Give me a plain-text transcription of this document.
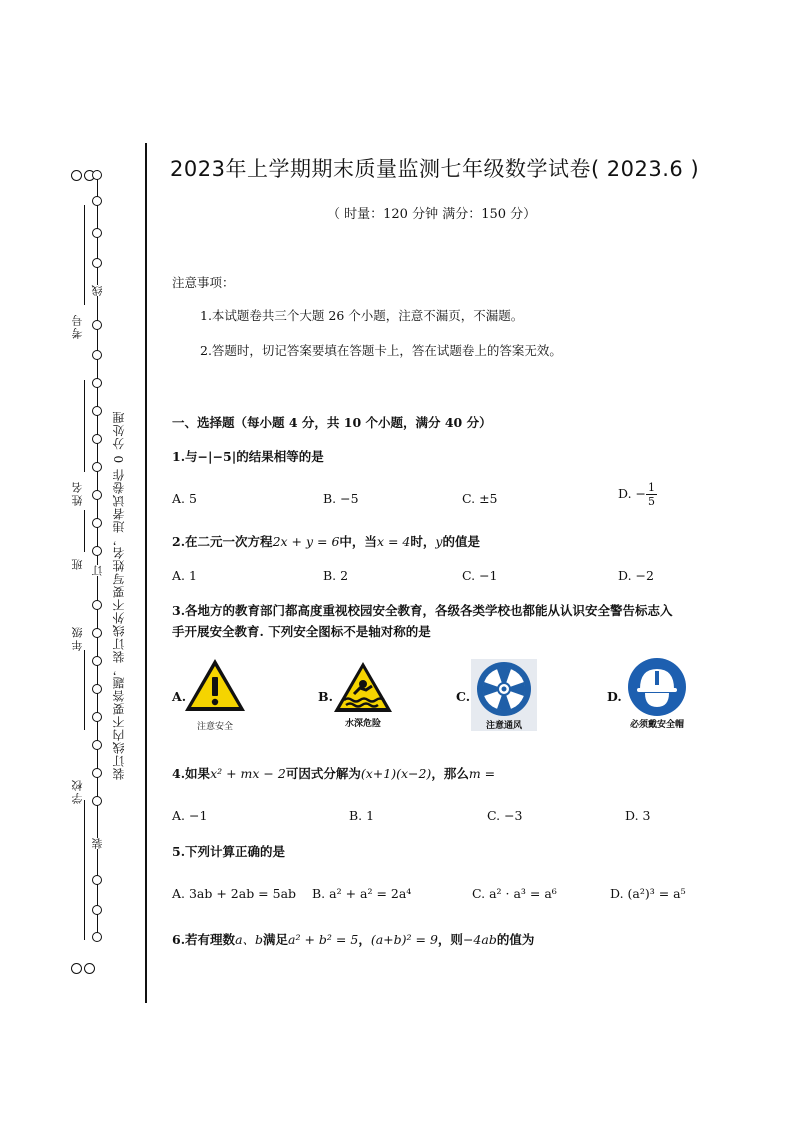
考号
姓名
班
年级
学校
线
订
装
装订线内不要答题，装订线外不要写姓名，违者试卷作 0 分处理
2023年上学期期末质量监测七年级数学试卷( 2023.6 )
（ 时量：120 分钟 满分：150 分）
注意事项：
1.本试题卷共三个大题 26 个小题，注意不漏页，不漏题。
2.答题时，切记答案要填在答题卡上，答在试题卷上的答案无效。
一、选择题（每小题 4 分，共 10 个小题，满分 40 分）
1.与−|−5|的结果相等的是
A. 5	B. −5	C. ±5	D. − $\frac{1}{5}$
2.在二元一次方程2x + y = 6中，当x = 4时，y的值是
A. 1	B. 2	C. −1	D. −2
3.各地方的教育部门都高度重视校园安全教育，各级各类学校也都能从认识安全警告标志入
手开展安全教育. 下列安全图标不是轴对称的是
A.
注意安全
B.
水深危险
C.
注意通风
D.
必须戴安全帽
4.如果x² + mx − 2可因式分解为(x+1)(x−2)，那么m =
A. −1	B. 1	C. −3	D. 3
5.下列计算正确的是
A. 3ab + 2ab = 5ab B. a² + a² = 2a⁴	C. a² · a³ = a⁶	D. (a²)³ = a⁵
6.若有理数a、b满足a² + b² = 5，(a+b)² = 9，则−4ab的值为
